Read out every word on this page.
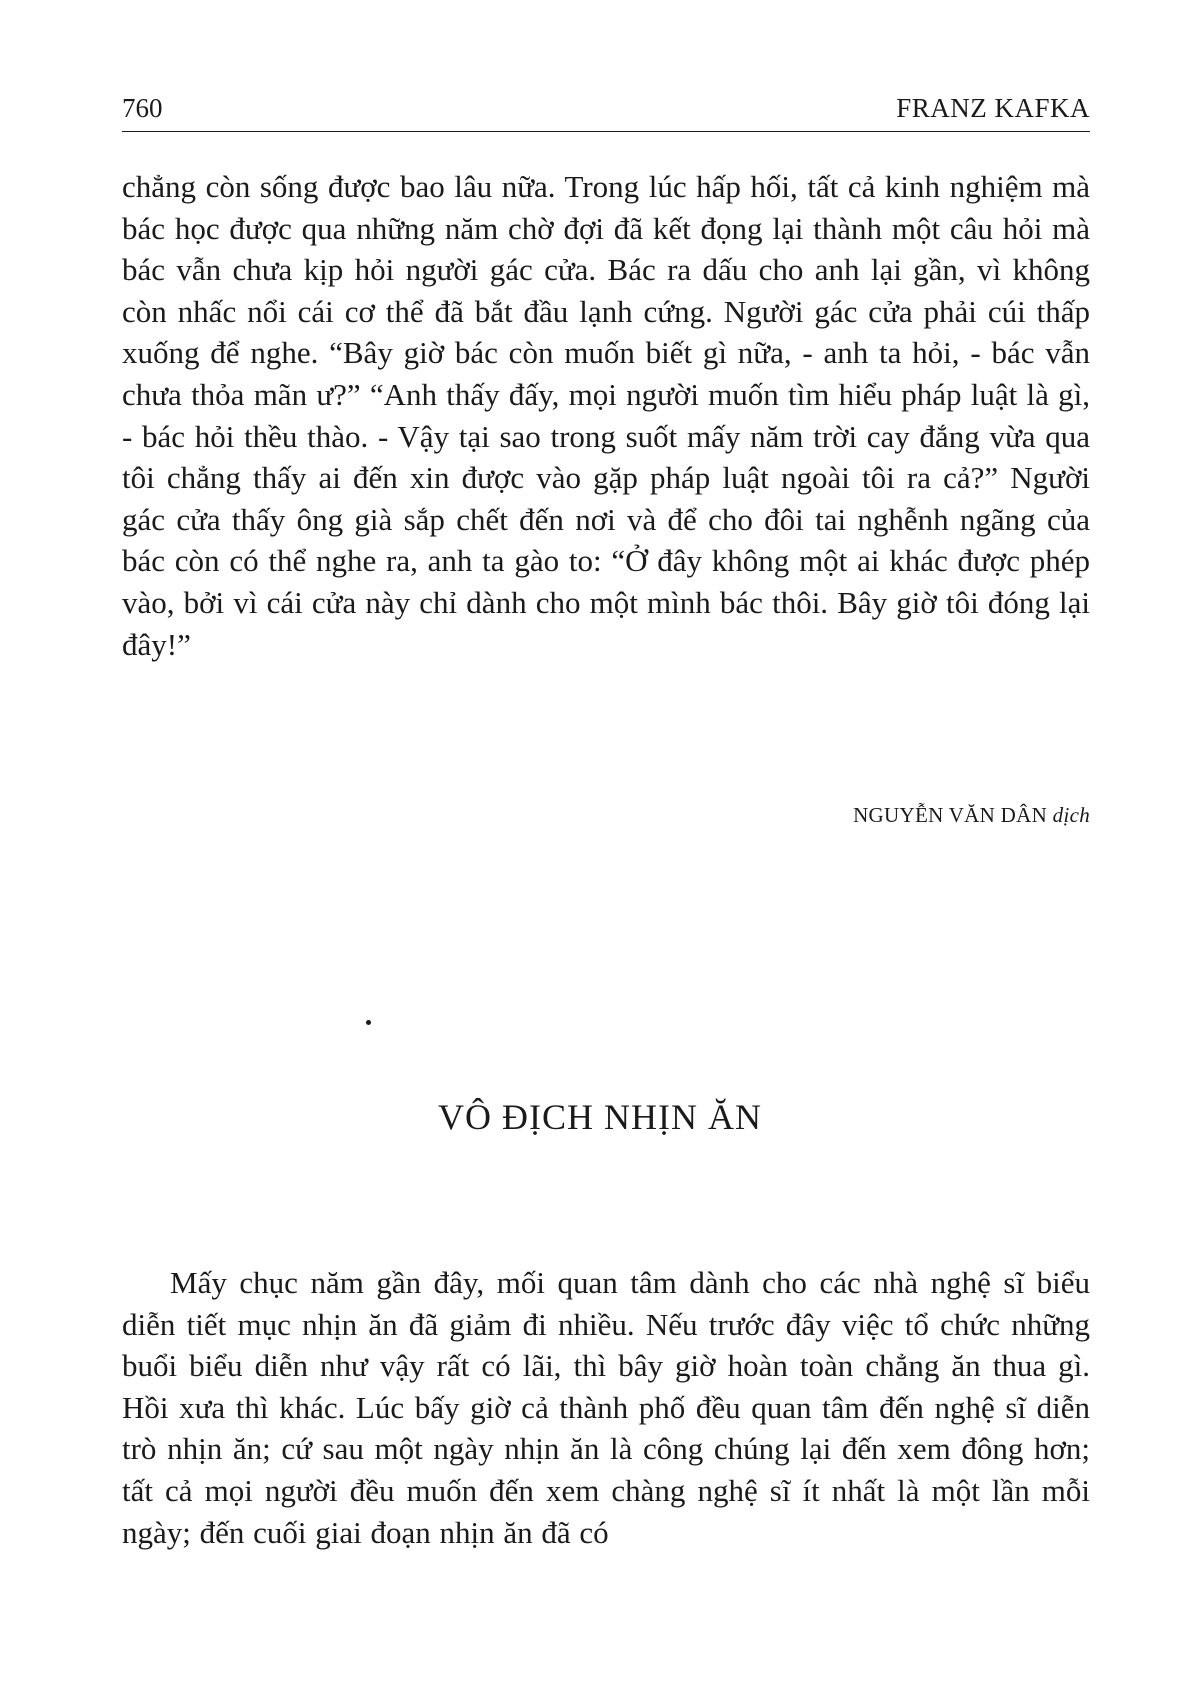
760	FRANZ KAFKA

chẳng còn sống được bao lâu nữa. Trong lúc hấp hối, tất cả kinh nghiệm mà bác học được qua những năm chờ đợi đã kết đọng lại thành một câu hỏi mà bác vẫn chưa kịp hỏi người gác cửa. Bác ra dấu cho anh lại gần, vì không còn nhấc nổi cái cơ thể đã bắt đầu lạnh cứng. Người gác cửa phải cúi thấp xuống để nghe. “Bây giờ bác còn muốn biết gì nữa, - anh ta hỏi, - bác vẫn chưa thỏa mãn ư?” “Anh thấy đấy, mọi người muốn tìm hiểu pháp luật là gì, - bác hỏi thều thào. - Vậy tại sao trong suốt mấy năm trời cay đắng vừa qua tôi chẳng thấy ai đến xin được vào gặp pháp luật ngoài tôi ra cả?” Người gác cửa thấy ông già sắp chết đến nơi và để cho đôi tai nghễnh ngãng của bác còn có thể nghe ra, anh ta gào to: “Ở đây không một ai khác được phép vào, bởi vì cái cửa này chỉ dành cho một mình bác thôi. Bây giờ tôi đóng lại đây!”

NGUYỄN VĂN DÂN dịch
VÔ ĐỊCH NHỊN ĂN

Mấy chục năm gần đây, mối quan tâm dành cho các nhà nghệ sĩ biểu diễn tiết mục nhịn ăn đã giảm đi nhiều. Nếu trước đây việc tổ chức những buổi biểu diễn như vậy rất có lãi, thì bây giờ hoàn toàn chẳng ăn thua gì. Hồi xưa thì khác. Lúc bấy giờ cả thành phố đều quan tâm đến nghệ sĩ diễn trò nhịn ăn; cứ sau một ngày nhịn ăn là công chúng lại đến xem đông hơn; tất cả mọi người đều muốn đến xem chàng nghệ sĩ ít nhất là một lần mỗi ngày; đến cuối giai đoạn nhịn ăn đã có
